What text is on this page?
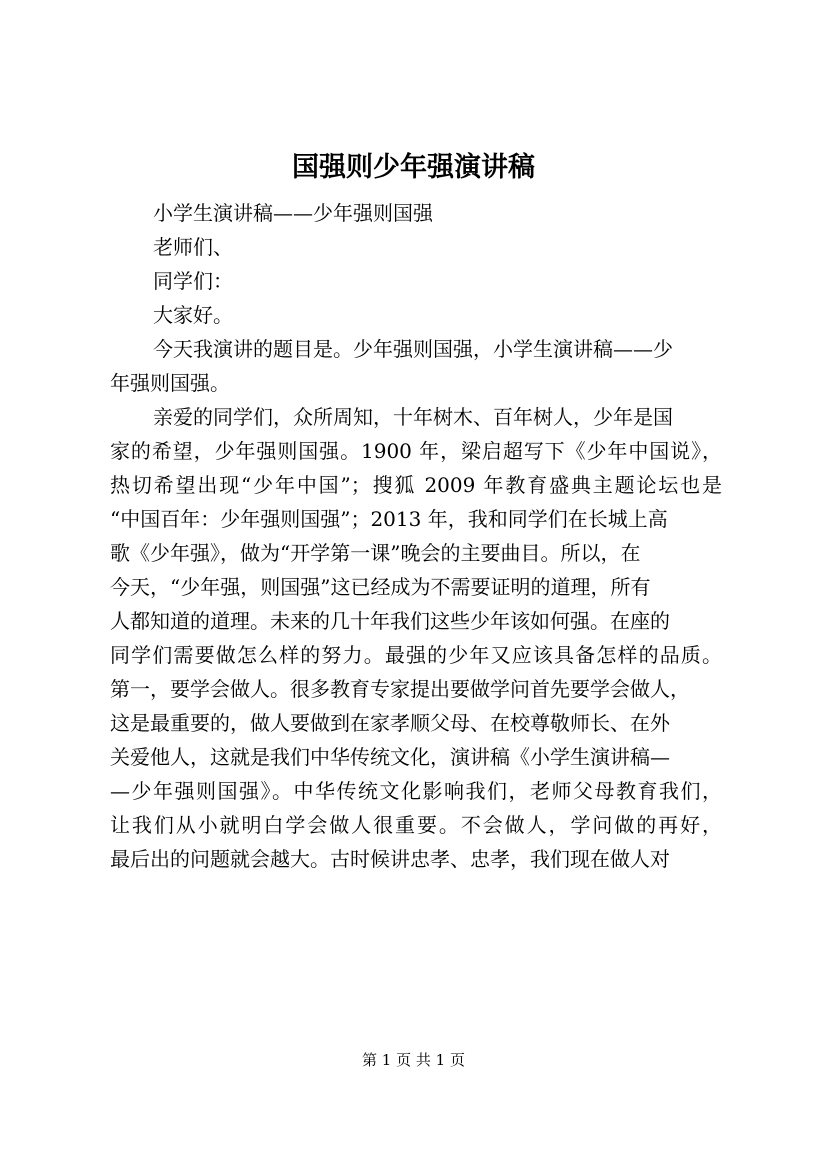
国强则少年强演讲稿
小学生演讲稿——少年强则国强
老师们、
同学们：
大家好。
今天我演讲的题目是。少年强则国强，小学生演讲稿——少
年强则国强。
亲爱的同学们，众所周知，十年树木、百年树人，少年是国
家的希望，少年强则国强。1900 年，梁启超写下《少年中国说》，
热切希望出现“少年中国”；搜狐 2009 年教育盛典主题论坛也是
“中国百年：少年强则国强”；2013 年，我和同学们在长城上高
歌《少年强》，做为“开学第一课”晚会的主要曲目。所以，在
今天，“少年强，则国强”这已经成为不需要证明的道理，所有
人都知道的道理。未来的几十年我们这些少年该如何强。在座的
同学们需要做怎么样的努力。最强的少年又应该具备怎样的品质。
第一，要学会做人。很多教育专家提出要做学问首先要学会做人，
这是最重要的，做人要做到在家孝顺父母、在校尊敬师长、在外
关爱他人，这就是我们中华传统文化，演讲稿《小学生演讲稿—
—少年强则国强》。中华传统文化影响我们，老师父母教育我们，
让我们从小就明白学会做人很重要。不会做人，学问做的再好，
最后出的问题就会越大。古时候讲忠孝、忠孝，我们现在做人对
第 1 页 共 1 页
